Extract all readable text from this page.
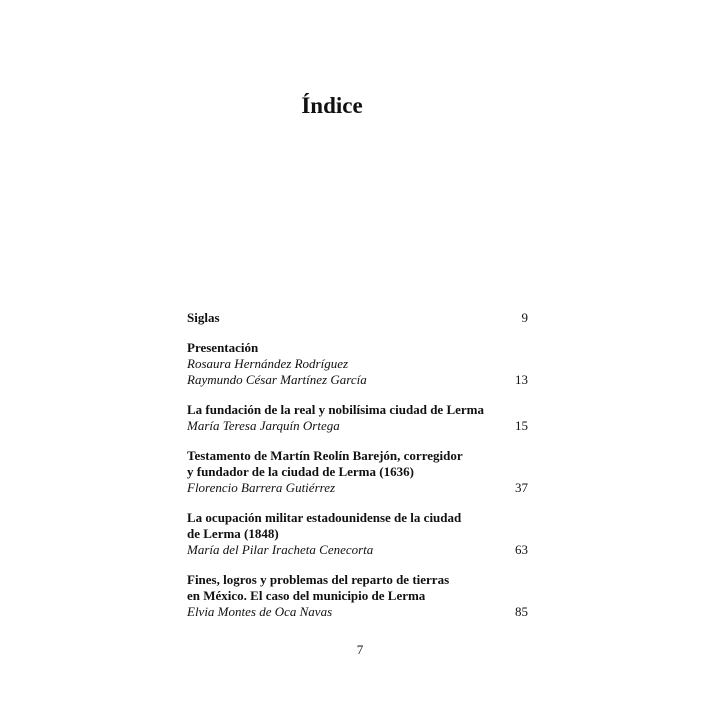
Índice
Siglas	9
Presentación
Rosaura Hernández Rodríguez
Raymundo César Martínez García	13
La fundación de la real y nobilísima ciudad de Lerma
María Teresa Jarquín Ortega	15
Testamento de Martín Reolín Barejón, corregidor
y fundador de la ciudad de Lerma (1636)
Florencio Barrera Gutiérrez	37
La ocupación militar estadounidense de la ciudad
de Lerma (1848)
María del Pilar Iracheta Cenecorta	63
Fines, logros y problemas del reparto de tierras
en México. El caso del municipio de Lerma
Elvia Montes de Oca Navas	85
7
